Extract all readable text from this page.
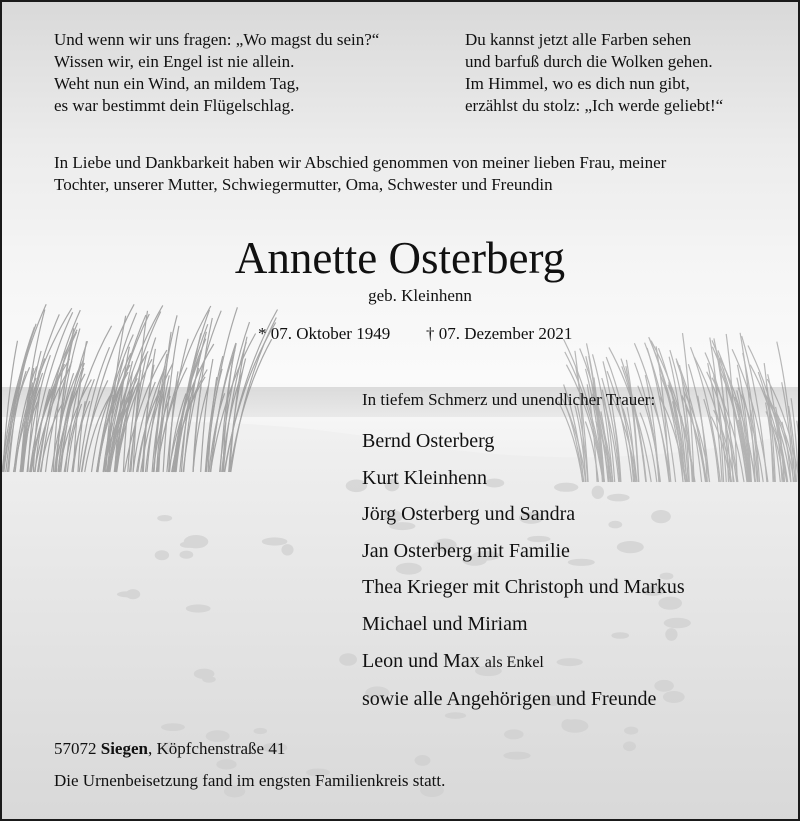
Und wenn wir uns fragen: „Wo magst du sein?“
Wissen wir, ein Engel ist nie allein.
Weht nun ein Wind, an mildem Tag,
es war bestimmt dein Flügelschlag.
Du kannst jetzt alle Farben sehen
und barfuß durch die Wolken gehen.
Im Himmel, wo es dich nun gibt,
erzählst du stolz: „Ich werde geliebt!“
In Liebe und Dankbarkeit haben wir Abschied genommen von meiner lieben Frau, meiner
Tochter, unserer Mutter, Schwiegermutter, Oma, Schwester und Freundin
Annette Osterberg
geb. Kleinhenn
* 07. Oktober 1949 † 07. Dezember 2021
In tiefem Schmerz und unendlicher Trauer:
Bernd Osterberg
Kurt Kleinhenn
Jörg Osterberg und Sandra
Jan Osterberg mit Familie
Thea Krieger mit Christoph und Markus
Michael und Miriam
Leon und Max als Enkel
sowie alle Angehörigen und Freunde
57072 Siegen, Köpfchenstraße 41
Die Urnenbeisetzung fand im engsten Familienkreis statt.
